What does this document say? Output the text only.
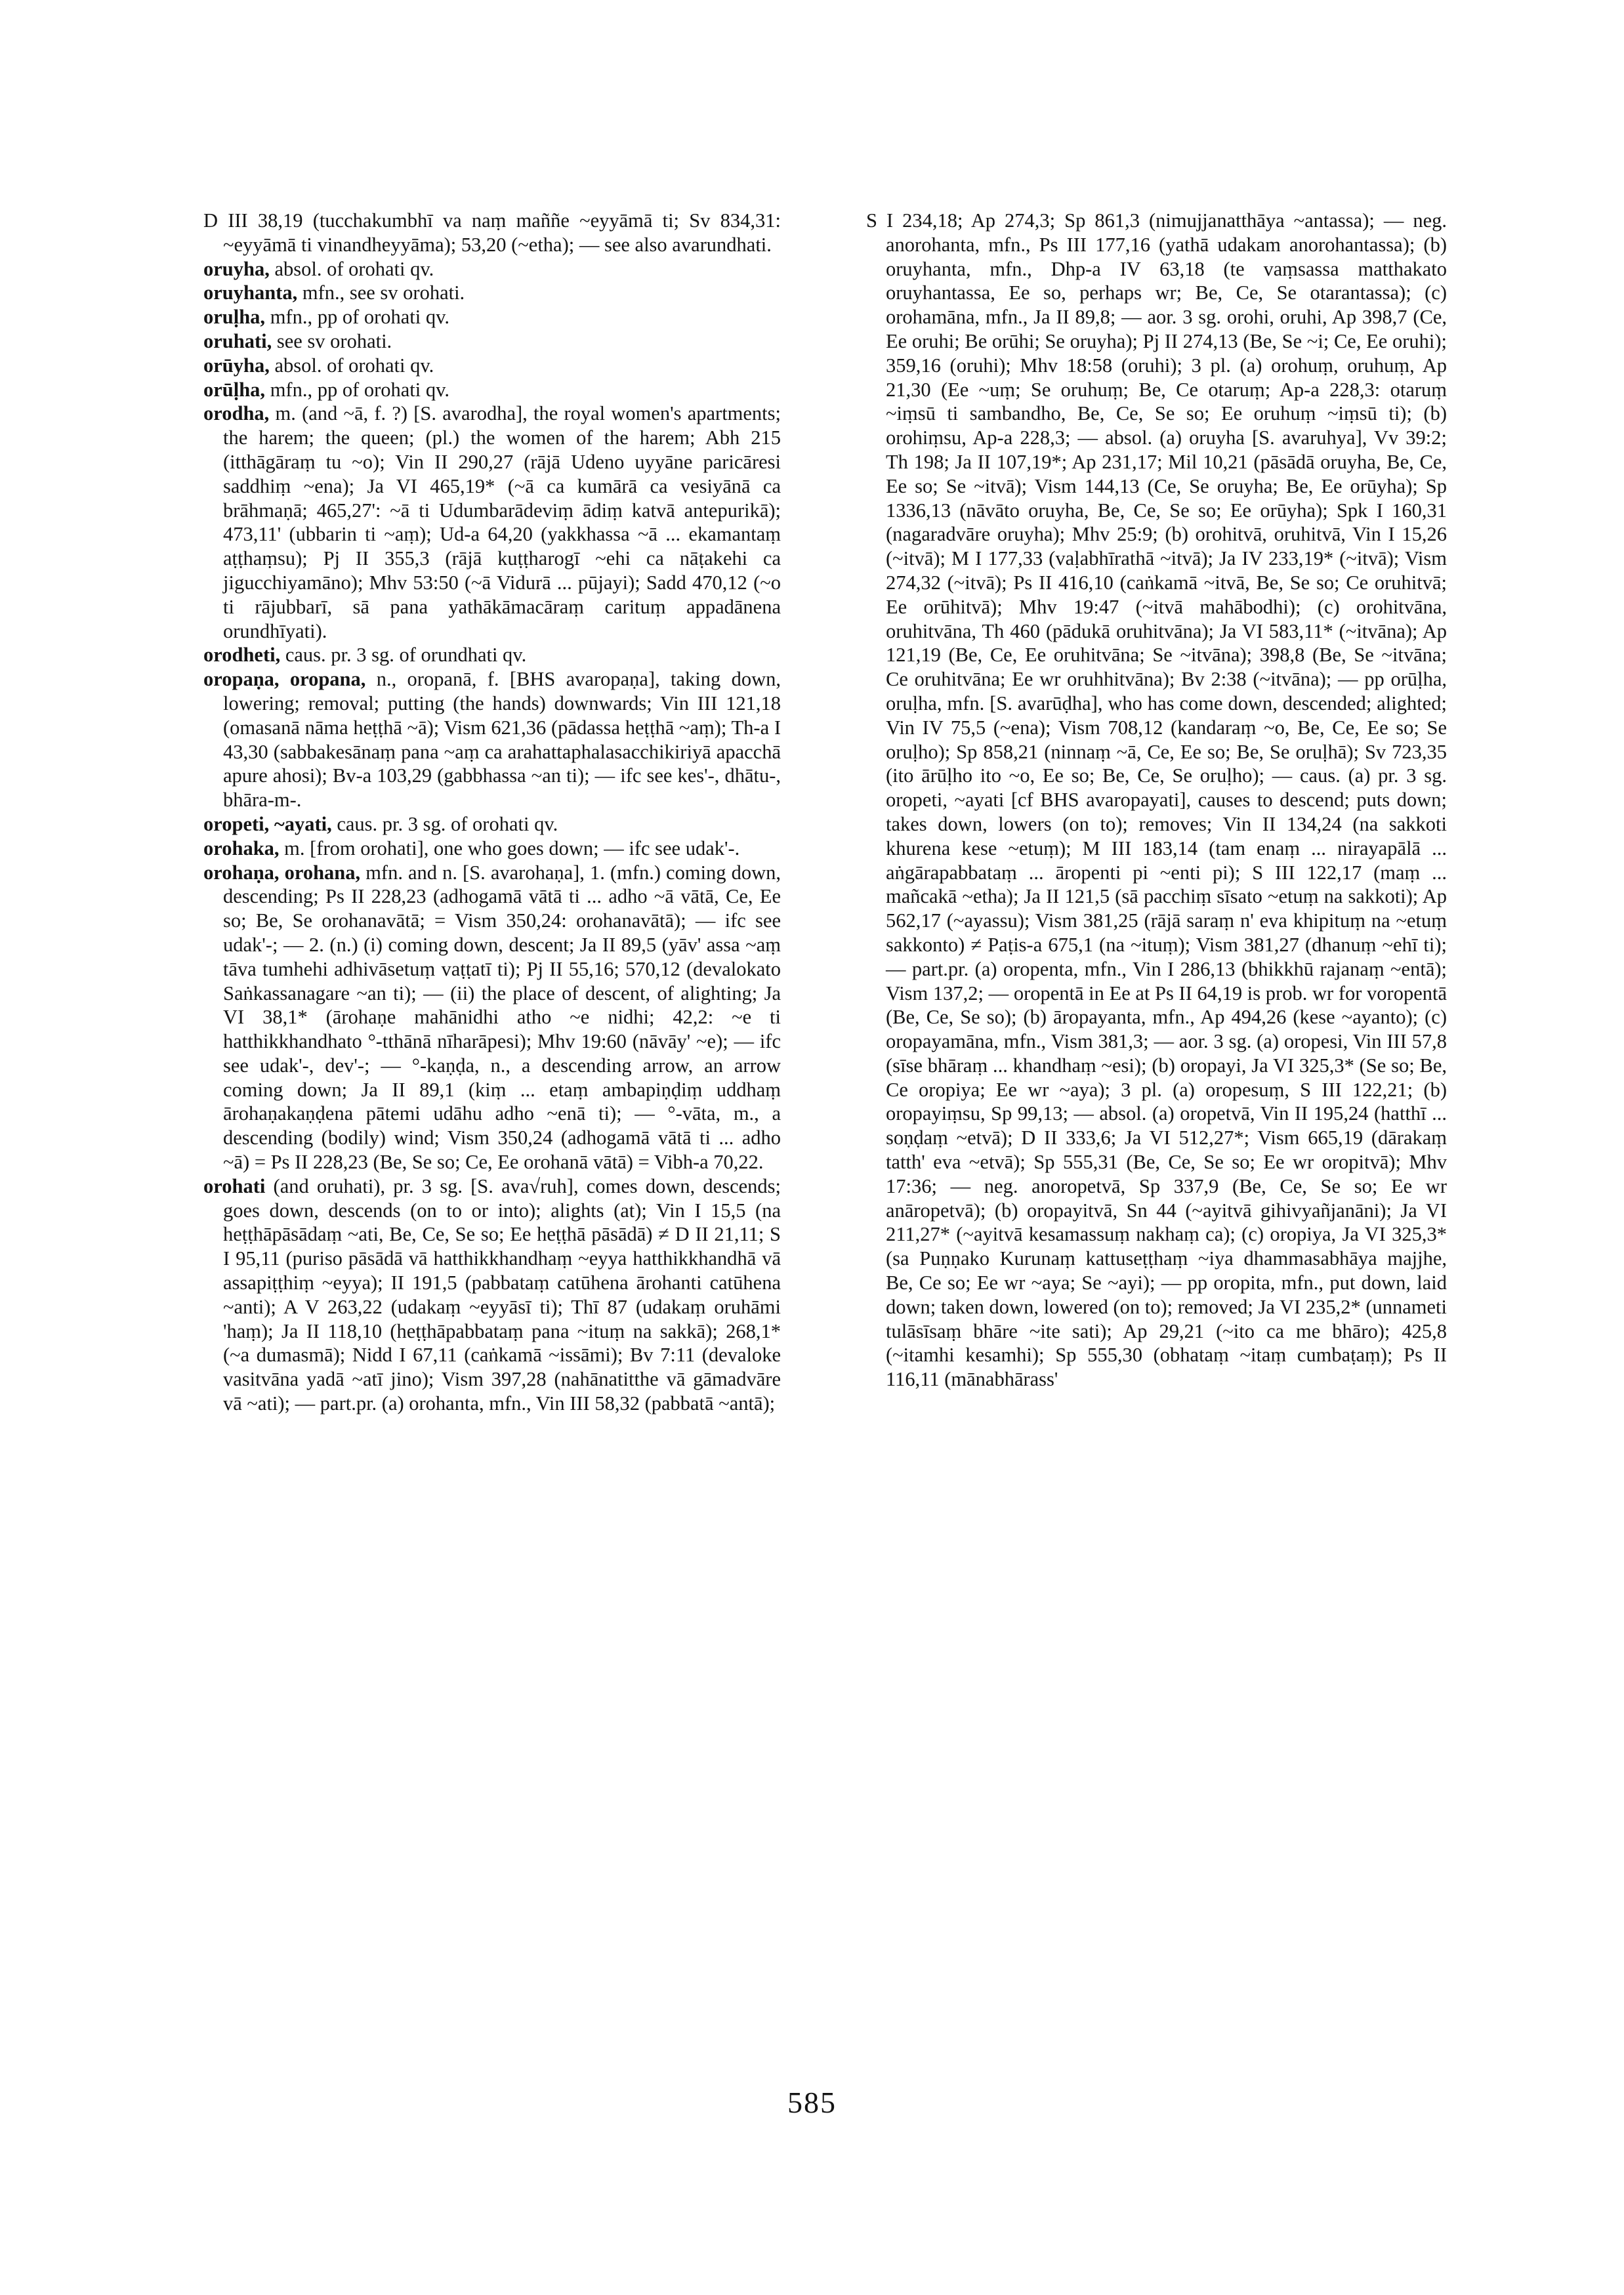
D III 38,19 (tucchakumbhī va naṃ maññe ~eyyāmā ti; Sv 834,31: ~eyyāmā ti vinandheyyāma); 53,20 (~etha); — see also avarundhati.

oruyha, absol. of orohati qv.

oruyhanta, mfn., see sv orohati.

oruḷha, mfn., pp of orohati qv.

oruhati, see sv orohati.

orūyha, absol. of orohati qv.

orūḷha, mfn., pp of orohati qv.

orodha, m. (and ~ā, f. ?) [S. avarodha], the royal women's apartments; the harem; the queen; (pl.) the women of the harem; Abh 215 (itthāgāraṃ tu ~o); Vin II 290,27 (rājā Udeno uyyāne paricāresi saddhiṃ ~ena); Ja VI 465,19* (~ā ca kumārā ca vesiyānā ca brāhmaṇā; 465,27': ~ā ti Udumbarādeviṃ ādiṃ katvā antepurikā); 473,11' (ubbarin ti ~aṃ); Ud-a 64,20 (yakkhassa ~ā ... ekamantaṃ aṭṭhaṃsu); Pj II 355,3 (rājā kuṭṭharogī ~ehi ca nāṭakehi ca jigucchiyamāno); Mhv 53:50 (~ā Vidurā ... pūjayi); Sadd 470,12 (~o ti rājubbarī, sā pana yathākāmacāraṃ carituṃ appadānena orundhīyati).

orodheti, caus. pr. 3 sg. of orundhati qv.

oropaṇa, oropana, n., oropanā, f. [BHS avaropaṇa], taking down, lowering; removal; putting (the hands) downwards; Vin III 121,18 (omasanā nāma heṭṭhā ~ā); Vism 621,36 (pādassa heṭṭhā ~aṃ); Th-a I 43,30 (sabbakesānaṃ pana ~aṃ ca arahattaphalasacchikiriyā apacchā apure ahosi); Bv-a 103,29 (gabbhassa ~an ti); — ifc see kes'-, dhātu-, bhāra-m-.

oropeti, ~ayati, caus. pr. 3 sg. of orohati qv.

orohaka, m. [from orohati], one who goes down; — ifc see udak'-.

orohaṇa, orohana, mfn. and n. [S. avarohaṇa], 1. (mfn.) coming down, descending; Ps II 228,23 (adhogamā vātā ti ... adho ~ā vātā, Ce, Ee so; Be, Se orohanavātā; = Vism 350,24: orohanavātā); — ifc see udak'-; — 2. (n.) (i) coming down, descent; Ja II 89,5 (yāv' assa ~aṃ tāva tumhehi adhivāsetuṃ vaṭṭatī ti); Pj II 55,16; 570,12 (devalokato Saṅkassanagare ~an ti); — (ii) the place of descent, of alighting; Ja VI 38,1* (ārohaṇe mahānidhi atho ~e nidhi; 42,2: ~e ti hatthikkhandhato °-tthānā nīharāpesi); Mhv 19:60 (nāvāy' ~e); — ifc see udak'-, dev'-; — °-kaṇḍa, n., a descending arrow, an arrow coming down; Ja II 89,1 (kiṃ ... etaṃ ambapiṇḍiṃ uddhaṃ ārohaṇakaṇḍena pātemi udāhu adho ~enā ti); — °-vāta, m., a descending (bodily) wind; Vism 350,24 (adhogamā vātā ti ... adho ~ā) = Ps II 228,23 (Be, Se so; Ce, Ee orohanā vātā) = Vibh-a 70,22.

orohati (and oruhati), pr. 3 sg. [S. ava√ruh], comes down, descends; goes down, descends (on to or into); alights (at); Vin I 15,5 (na heṭṭhāpāsādaṃ ~ati, Be, Ce, Se so; Ee heṭṭhā pāsādā) ≠ D II 21,11; S I 95,11 (puriso pāsādā vā hatthikkhandhaṃ ~eyya hatthikkhandhā vā assapiṭṭhiṃ ~eyya); II 191,5 (pabbataṃ catūhena ārohanti catūhena ~anti); A V 263,22 (udakaṃ ~eyyāsī ti); Thī 87 (udakaṃ oruhāmi 'haṃ); Ja II 118,10 (heṭṭhāpabbataṃ pana ~ituṃ na sakkā); 268,1* (~a dumasmā); Nidd I 67,11 (caṅkamā ~issāmi); Bv 7:11 (devaloke vasitvāna yadā ~atī jino); Vism 397,28 (nahānatitthe vā gāmadvāre vā ~ati); — part.pr. (a) orohanta, mfn., Vin III 58,32 (pabbatā ~antā);

S I 234,18; Ap 274,3; Sp 861,3 (nimujjanatthāya ~antassa); — neg. anorohanta, mfn., Ps III 177,16 (yathā udakam anorohantassa); (b) oruyhanta, mfn., Dhp-a IV 63,18 (te vaṃsassa matthakato oruyhantassa, Ee so, perhaps wr; Be, Ce, Se otarantassa); (c) orohamāna, mfn., Ja II 89,8; — aor. 3 sg. orohi, oruhi, Ap 398,7 (Ce, Ee oruhi; Be orūhi; Se oruyha); Pj II 274,13 (Be, Se ~i; Ce, Ee oruhi); 359,16 (oruhi); Mhv 18:58 (oruhi); 3 pl. (a) orohuṃ, oruhuṃ, Ap 21,30 (Ee ~uṃ; Se oruhuṃ; Be, Ce otaruṃ; Ap-a 228,3: otaruṃ ~iṃsū ti sambandho, Be, Ce, Se so; Ee oruhuṃ ~iṃsū ti); (b) orohiṃsu, Ap-a 228,3; — absol. (a) oruyha [S. avaruhya], Vv 39:2; Th 198; Ja II 107,19*; Ap 231,17; Mil 10,21 (pāsādā oruyha, Be, Ce, Ee so; Se ~itvā); Vism 144,13 (Ce, Se oruyha; Be, Ee orūyha); Sp 1336,13 (nāvāto oruyha, Be, Ce, Se so; Ee orūyha); Spk I 160,31 (nagaradvāre oruyha); Mhv 25:9; (b) orohitvā, oruhitvā, Vin I 15,26 (~itvā); M I 177,33 (vaḷabhīrathā ~itvā); Ja IV 233,19* (~itvā); Vism 274,32 (~itvā); Ps II 416,10 (caṅkamā ~itvā, Be, Se so; Ce oruhitvā; Ee orūhitvā); Mhv 19:47 (~itvā mahābodhi); (c) orohitvāna, oruhitvāna, Th 460 (pādukā oruhitvāna); Ja VI 583,11* (~itvāna); Ap 121,19 (Be, Ce, Ee oruhitvāna; Se ~itvāna); 398,8 (Be, Se ~itvāna; Ce oruhitvāna; Ee wr oruhhitvāna); Bv 2:38 (~itvāna); — pp orūḷha, oruḷha, mfn. [S. avarūḍha], who has come down, descended; alighted; Vin IV 75,5 (~ena); Vism 708,12 (kandaraṃ ~o, Be, Ce, Ee so; Se oruḷho); Sp 858,21 (ninnaṃ ~ā, Ce, Ee so; Be, Se oruḷhā); Sv 723,35 (ito ārūḷho ito ~o, Ee so; Be, Ce, Se oruḷho); — caus. (a) pr. 3 sg. oropeti, ~ayati [cf BHS avaropayati], causes to descend; puts down; takes down, lowers (on to); removes; Vin II 134,24 (na sakkoti khurena kese ~etuṃ); M III 183,14 (tam enaṃ ... nirayapālā ... aṅgārapabbataṃ ... āropenti pi ~enti pi); S III 122,17 (maṃ ... mañcakā ~etha); Ja II 121,5 (sā pacchiṃ sīsato ~etuṃ na sakkoti); Ap 562,17 (~ayassu); Vism 381,25 (rājā saraṃ n' eva khipituṃ na ~etuṃ sakkonto) ≠ Paṭis-a 675,1 (na ~ituṃ); Vism 381,27 (dhanuṃ ~ehī ti); — part.pr. (a) oropenta, mfn., Vin I 286,13 (bhikkhū rajanaṃ ~entā); Vism 137,2; — oropentā in Ee at Ps II 64,19 is prob. wr for voropentā (Be, Ce, Se so); (b) āropayanta, mfn., Ap 494,26 (kese ~ayanto); (c) oropayamāna, mfn., Vism 381,3; — aor. 3 sg. (a) oropesi, Vin III 57,8 (sīse bhāraṃ ... khandhaṃ ~esi); (b) oropayi, Ja VI 325,3* (Se so; Be, Ce oropiya; Ee wr ~aya); 3 pl. (a) oropesuṃ, S III 122,21; (b) oropayiṃsu, Sp 99,13; — absol. (a) oropetvā, Vin II 195,24 (hatthī ... soṇḍaṃ ~etvā); D II 333,6; Ja VI 512,27*; Vism 665,19 (dārakaṃ tatth' eva ~etvā); Sp 555,31 (Be, Ce, Se so; Ee wr oropitvā); Mhv 17:36; — neg. anoropetvā, Sp 337,9 (Be, Ce, Se so; Ee wr anāropetvā); (b) oropayitvā, Sn 44 (~ayitvā gihivyañjanāni); Ja VI 211,27* (~ayitvā kesamassuṃ nakhaṃ ca); (c) oropiya, Ja VI 325,3* (sa Puṇṇako Kurunaṃ kattuseṭṭhaṃ ~iya dhammasabhāya majjhe, Be, Ce so; Ee wr ~aya; Se ~ayi); — pp oropita, mfn., put down, laid down; taken down, lowered (on to); removed; Ja VI 235,2* (unnameti tulāsīsaṃ bhāre ~ite sati); Ap 29,21 (~ito ca me bhāro); 425,8 (~itamhi kesamhi); Sp 555,30 (obhataṃ ~itaṃ cumbaṭaṃ); Ps II 116,11 (mānabhārass'

585
